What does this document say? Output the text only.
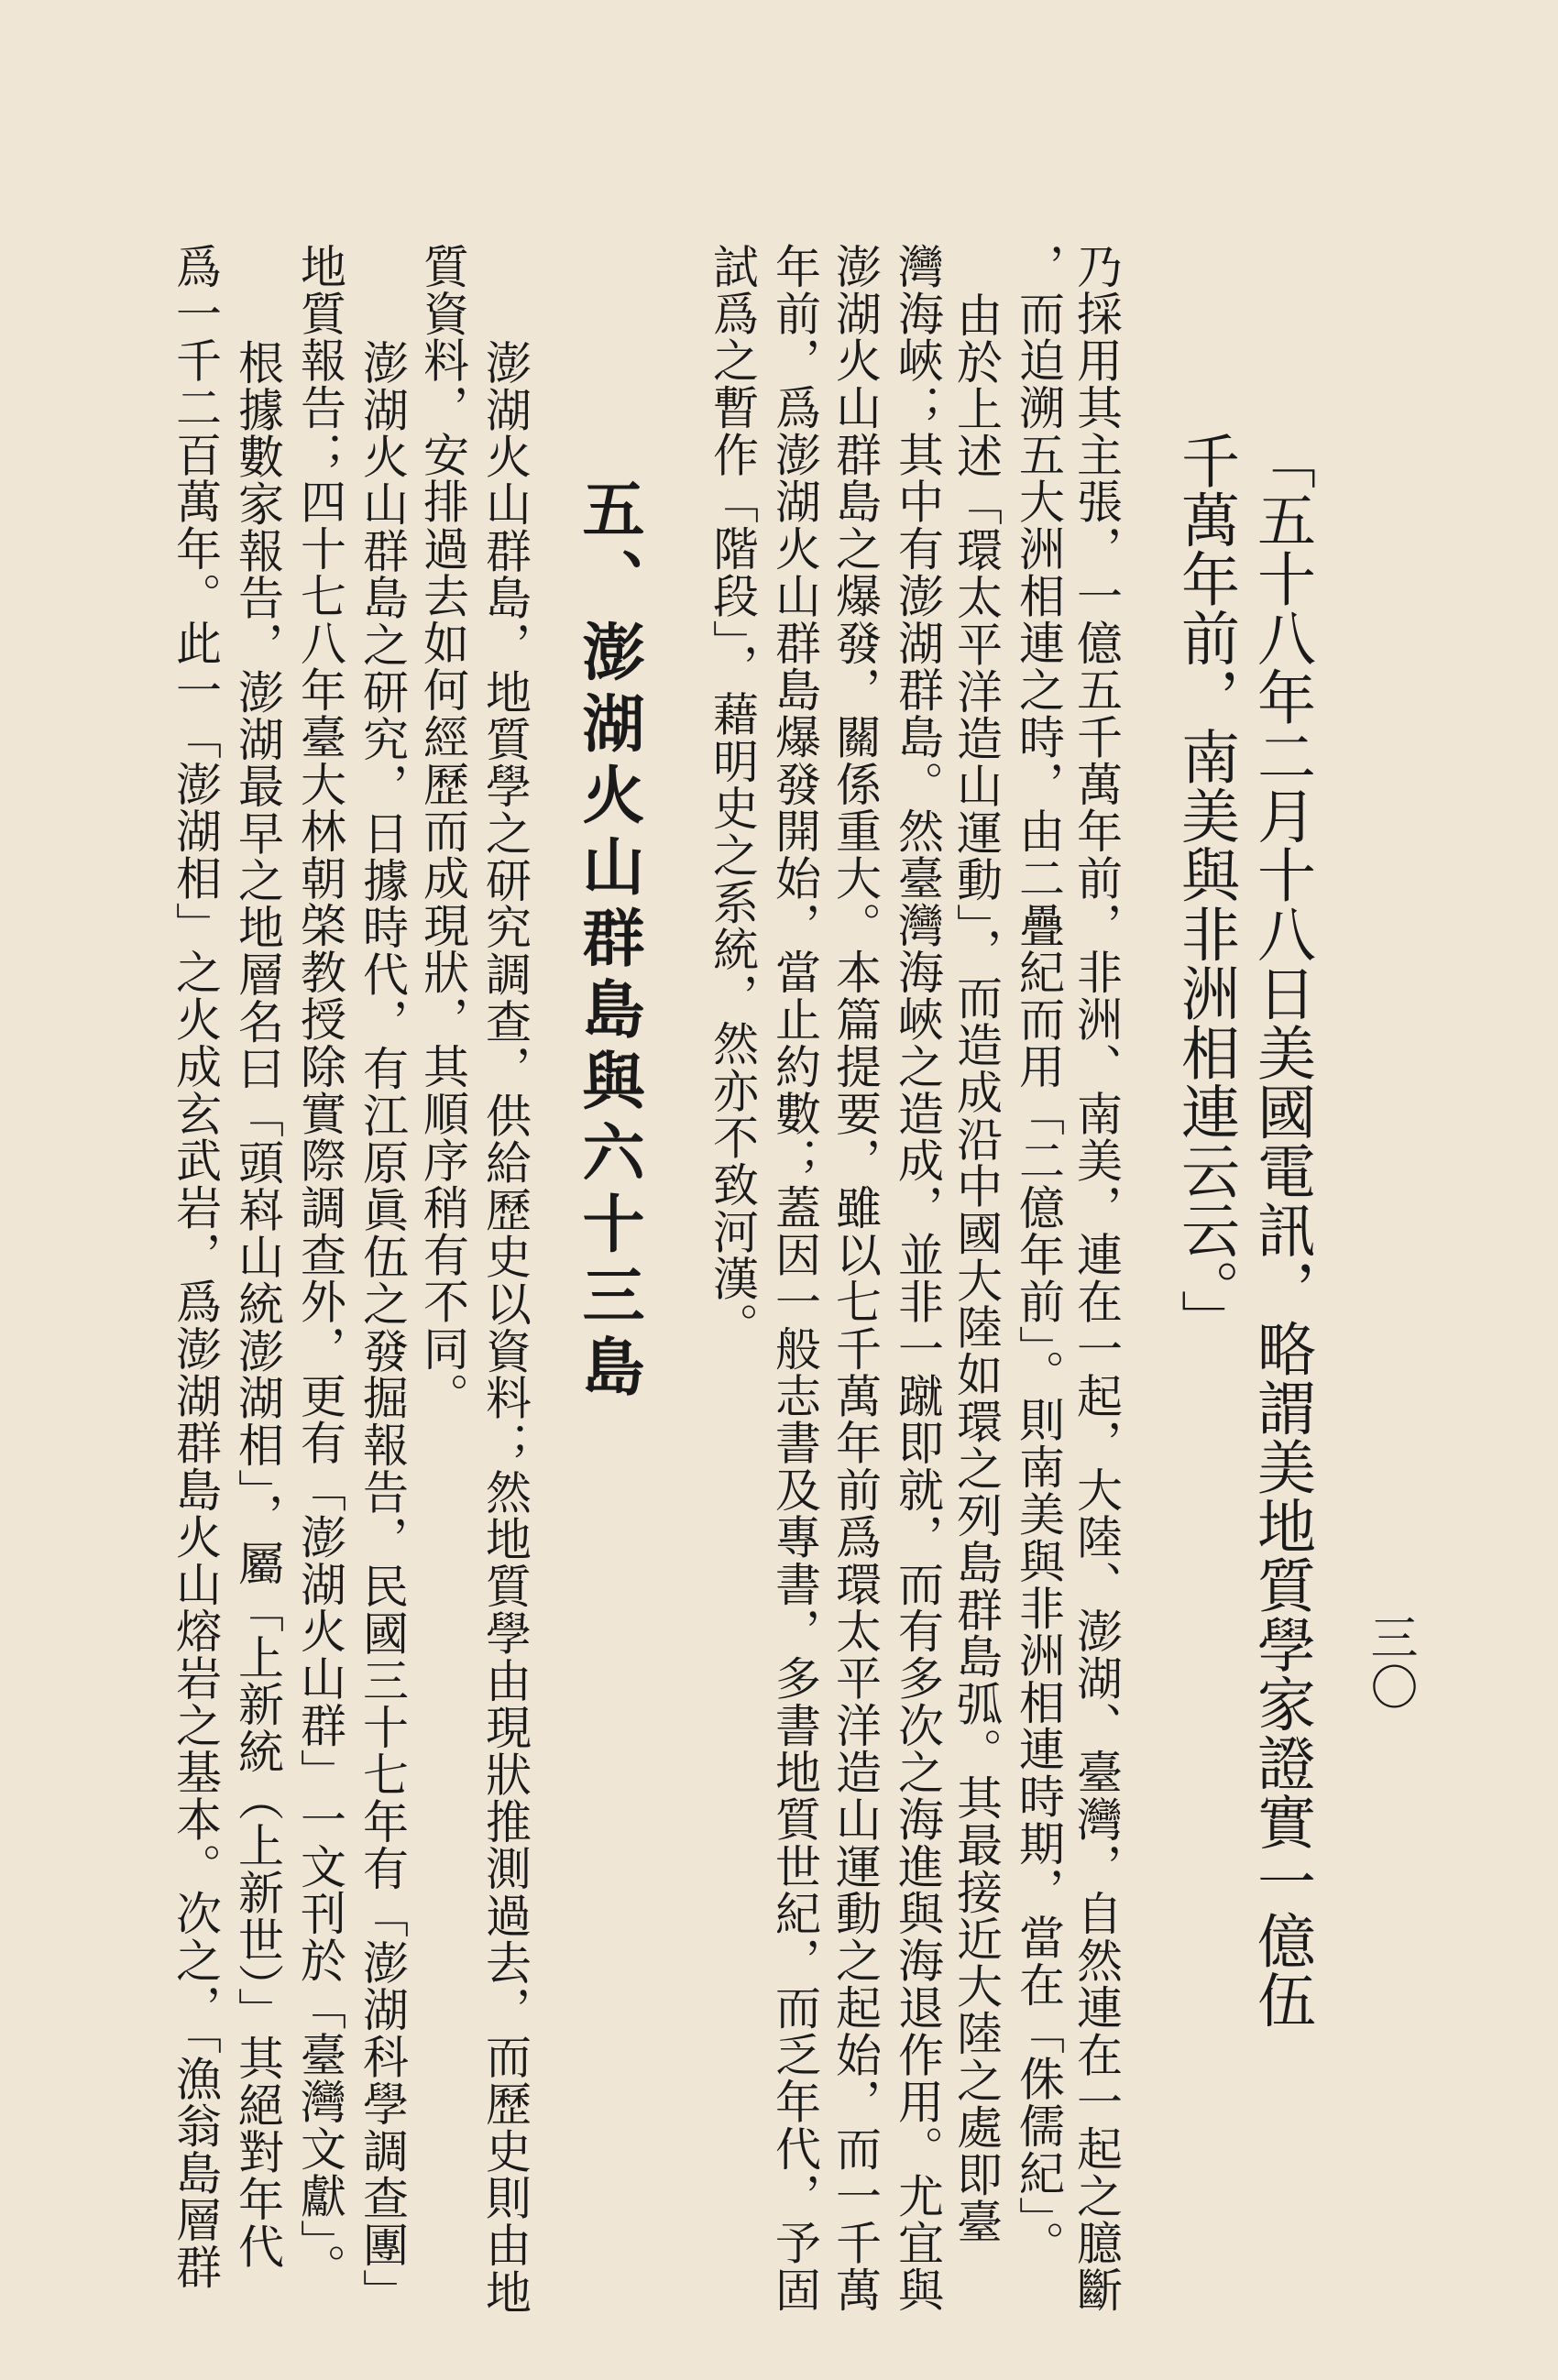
三〇
「五十八年二月十八日美國電訊，略謂美地質學家證實一億伍
千萬年前，南美與非洲相連云云。」
乃採用其主張，一億五千萬年前，非洲、南美，連在一起，大陸、澎湖、臺灣，自然連在一起之臆斷
，而迫溯五大洲相連之時，由二疊紀而用「二億年前」。則南美與非洲相連時期，當在「侏儒紀」。
由於上述「環太平洋造山運動」，而造成沿中國大陸如環之列島群島弧。其最接近大陸之處即臺
灣海峽；其中有澎湖群島。然臺灣海峽之造成，並非一蹴即就，而有多次之海進與海退作用。尤宜與
澎湖火山群島之爆發，關係重大。本篇提要，雖以七千萬年前爲環太平洋造山運動之起始，而一千萬
年前，爲澎湖火山群島爆發開始，當止約數；蓋因一般志書及專書，多書地質世紀，而乏年代，予固
試爲之暫作「階段」，藉明史之系統，然亦不致河漢。
五、澎湖火山群島與六十三島
澎湖火山群島，地質學之研究調查，供給歷史以資料；然地質學由現狀推測過去，而歷史則由地
質資料，安排過去如何經歷而成現狀，其順序稍有不同。
澎湖火山群島之研究，日據時代，有江原眞伍之發掘報告，民國三十七年有「澎湖科學調查團」
地質報告；四十七八年臺大林朝棨教授除實際調查外，更有「澎湖火山群」一文刊於「臺灣文獻」。
根據數家報告，澎湖最早之地層名曰「頭嵙山統澎湖相」，屬「上新統（上新世）」其絕對年代
爲一千二百萬年。此一「澎湖相」之火成玄武岩，爲澎湖群島火山熔岩之基本。次之，「漁翁島層群
